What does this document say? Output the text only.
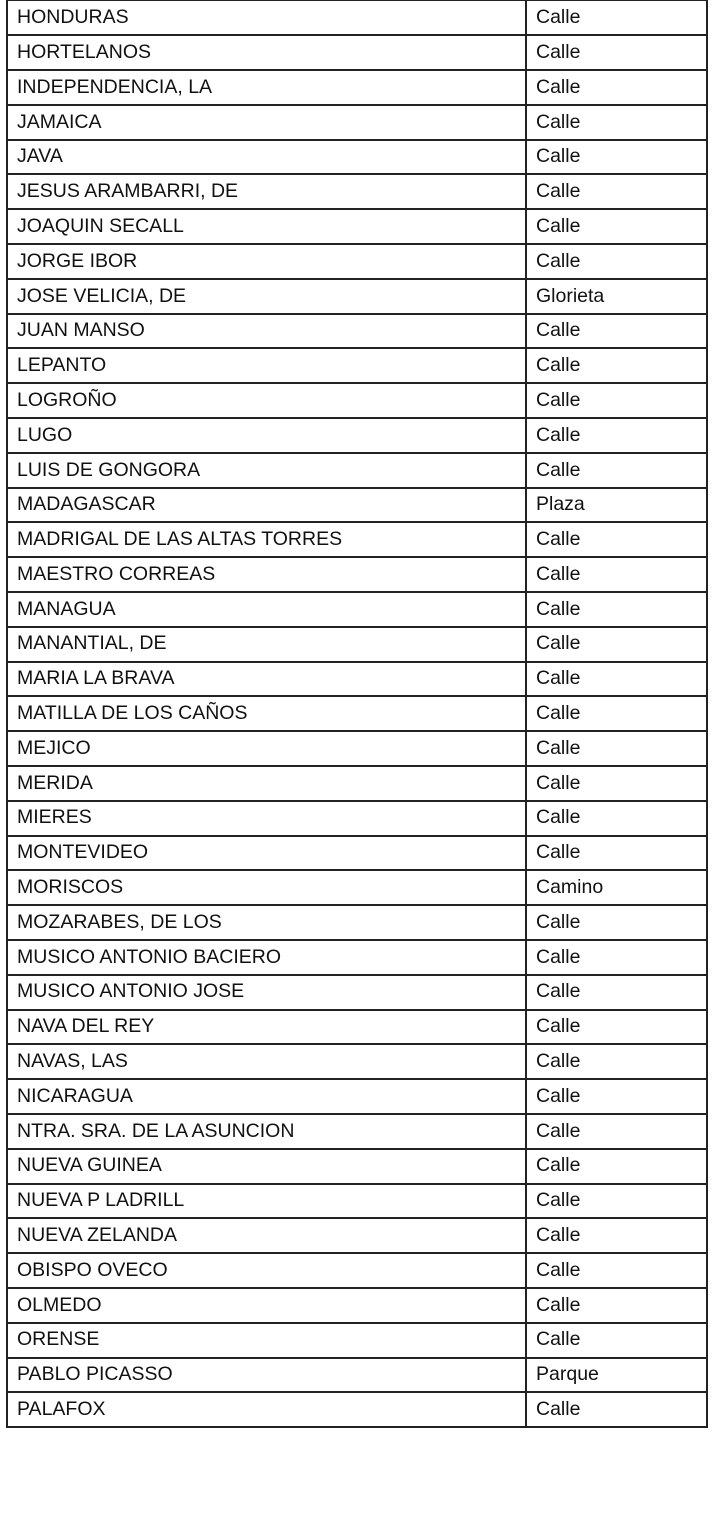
HONDURAS	Calle
HORTELANOS	Calle
INDEPENDENCIA, LA	Calle
JAMAICA	Calle
JAVA	Calle
JESUS ARAMBARRI, DE	Calle
JOAQUIN SECALL	Calle
JORGE IBOR	Calle
JOSE VELICIA, DE	Glorieta
JUAN MANSO	Calle
LEPANTO	Calle
LOGROÑO	Calle
LUGO	Calle
LUIS DE GONGORA	Calle
MADAGASCAR	Plaza
MADRIGAL DE LAS ALTAS TORRES	Calle
MAESTRO CORREAS	Calle
MANAGUA	Calle
MANANTIAL, DE	Calle
MARIA LA BRAVA	Calle
MATILLA DE LOS CAÑOS	Calle
MEJICO	Calle
MERIDA	Calle
MIERES	Calle
MONTEVIDEO	Calle
MORISCOS	Camino
MOZARABES, DE LOS	Calle
MUSICO ANTONIO BACIERO	Calle
MUSICO ANTONIO JOSE	Calle
NAVA DEL REY	Calle
NAVAS, LAS	Calle
NICARAGUA	Calle
NTRA. SRA. DE LA ASUNCION	Calle
NUEVA GUINEA	Calle
NUEVA P LADRILL	Calle
NUEVA ZELANDA	Calle
OBISPO OVECO	Calle
OLMEDO	Calle
ORENSE	Calle
PABLO PICASSO	Parque
PALAFOX	Calle
